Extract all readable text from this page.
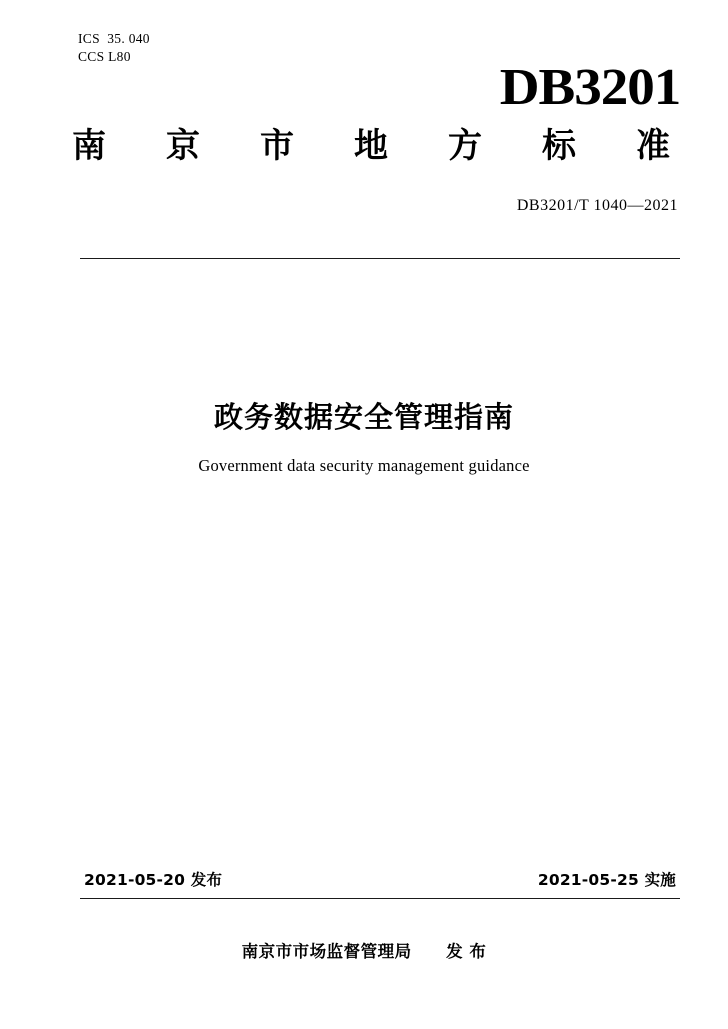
ICS  35. 040
CCS L80
DB3201
南 京 市 地 方 标 准
DB3201/T 1040—2021
政务数据安全管理指南
Government data security management guidance
2021-05-20 发布	2021-05-25 实施
南京市市场监督管理局 发 布
